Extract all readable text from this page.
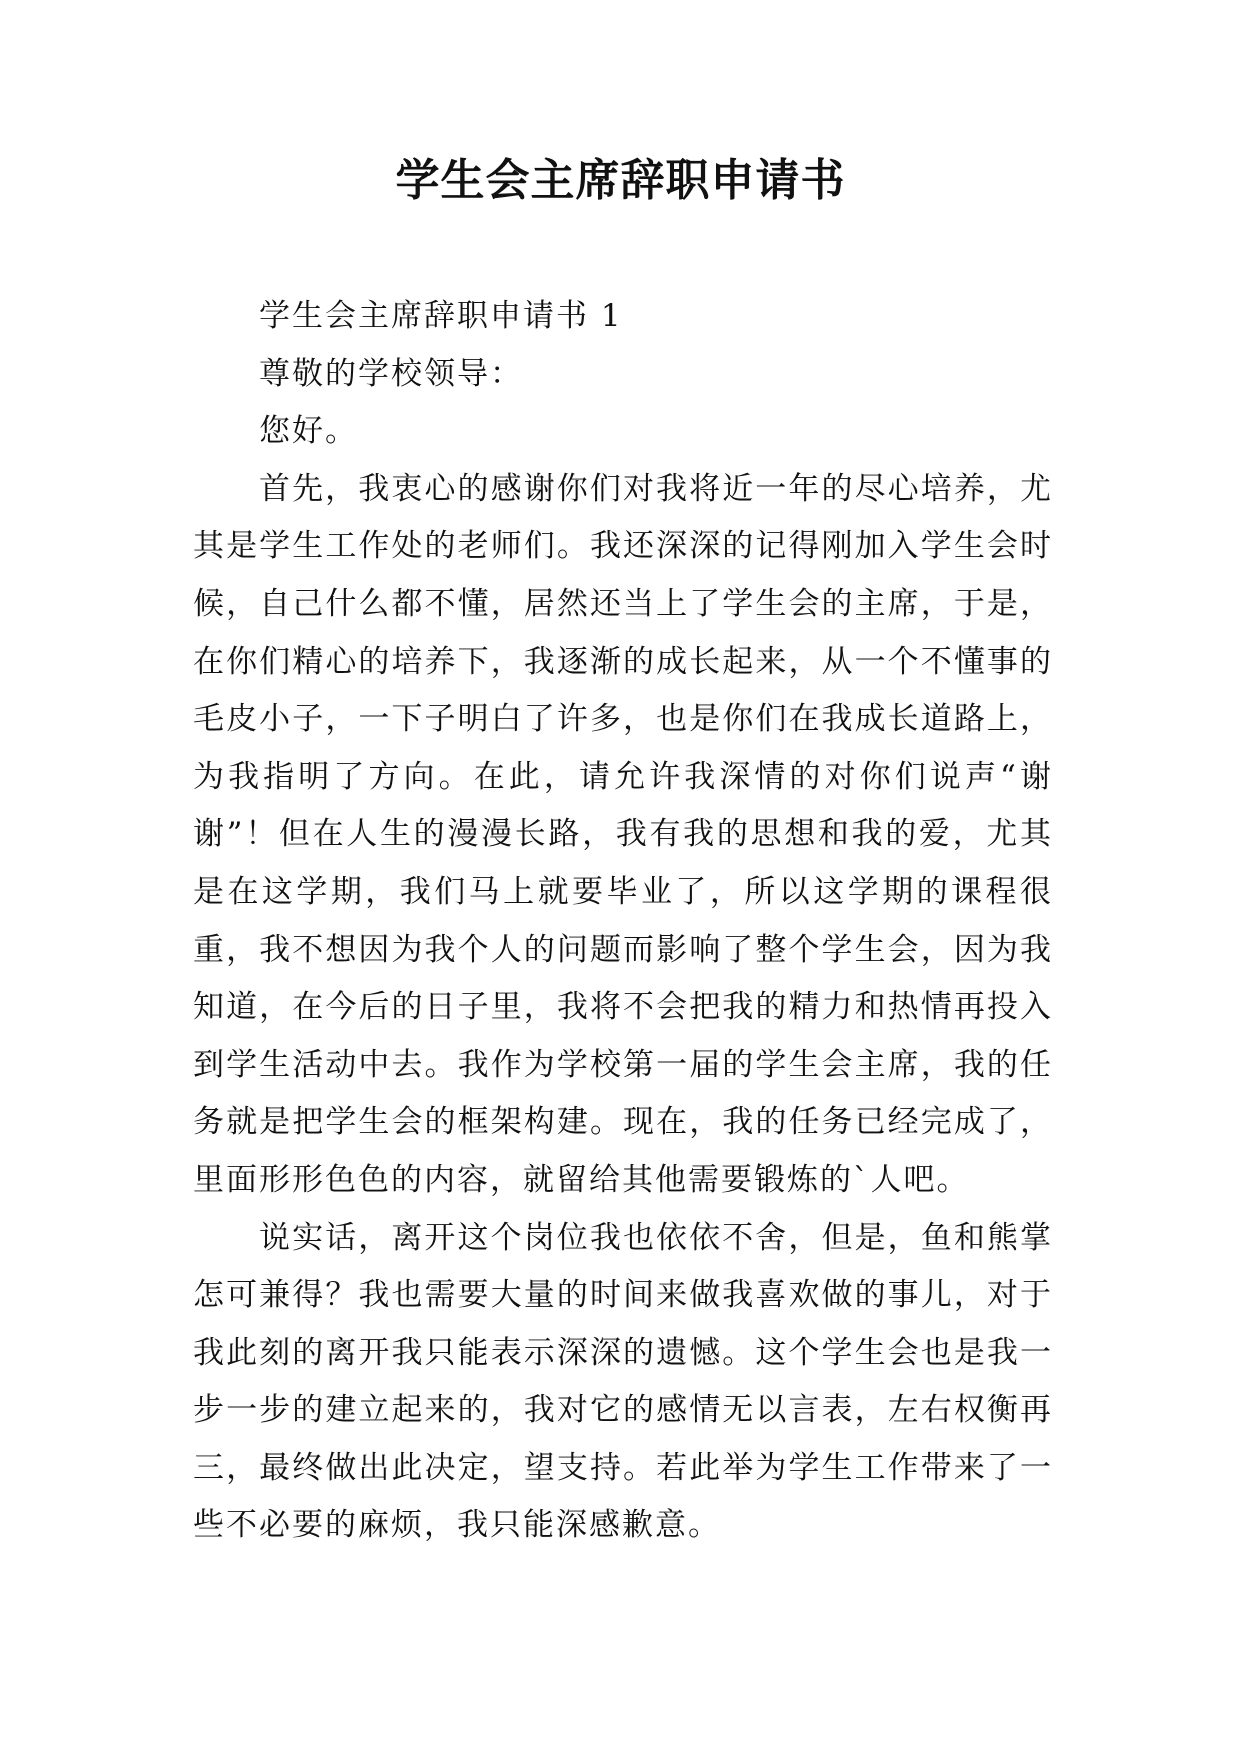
学生会主席辞职申请书

学生会主席辞职申请书 1

尊敬的学校领导：

您好。

首先，我衷心的感谢你们对我将近一年的尽心培养，尤其是学生工作处的老师们。我还深深的记得刚加入学生会时候，自己什么都不懂，居然还当上了学生会的主席，于是，在你们精心的培养下，我逐渐的成长起来，从一个不懂事的毛皮小子，一下子明白了许多，也是你们在我成长道路上，为我指明了方向。在此，请允许我深情的对你们说声“谢谢”！但在人生的漫漫长路，我有我的思想和我的爱，尤其是在这学期，我们马上就要毕业了，所以这学期的课程很重，我不想因为我个人的问题而影响了整个学生会，因为我知道，在今后的日子里，我将不会把我的精力和热情再投入到学生活动中去。我作为学校第一届的学生会主席，我的任务就是把学生会的框架构建。现在，我的任务已经完成了，里面形形色色的内容，就留给其他需要锻炼的`人吧。

说实话，离开这个岗位我也依依不舍，但是，鱼和熊掌怎可兼得？我也需要大量的时间来做我喜欢做的事儿，对于我此刻的离开我只能表示深深的遗憾。这个学生会也是我一步一步的建立起来的，我对它的感情无以言表，左右权衡再三，最终做出此决定，望支持。若此举为学生工作带来了一些不必要的麻烦，我只能深感歉意。
